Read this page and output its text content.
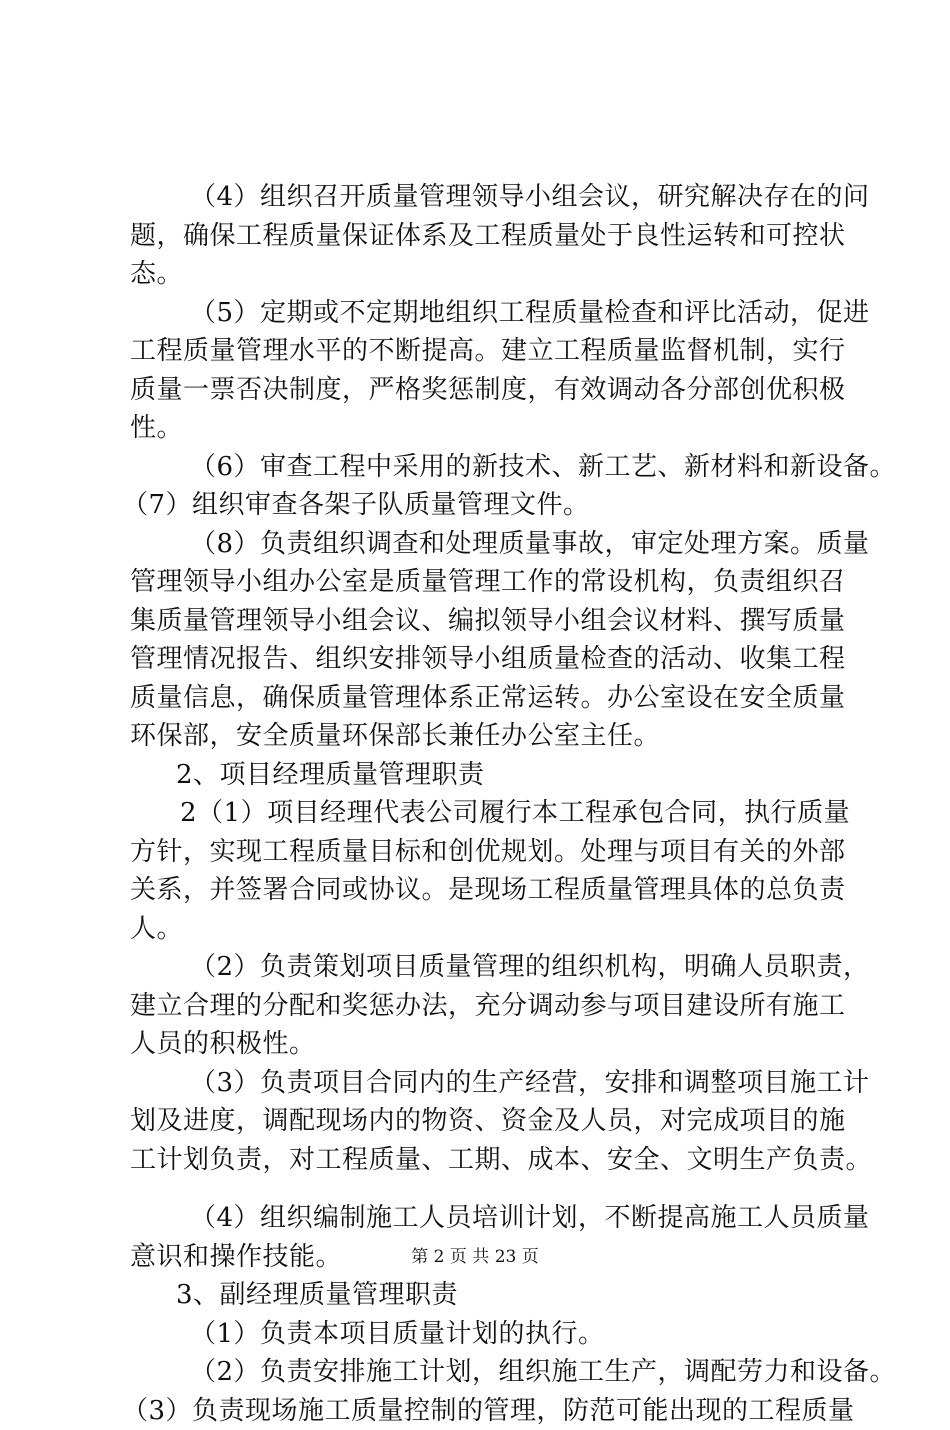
（4）组织召开质量管理领导小组会议，研究解决存在的问
题，确保工程质量保证体系及工程质量处于良性运转和可控状
态。
（5）定期或不定期地组织工程质量检查和评比活动，促进
工程质量管理水平的不断提高。建立工程质量监督机制，实行
质量一票否决制度，严格奖惩制度，有效调动各分部创优积极
性。
（6）审查工程中采用的新技术、新工艺、新材料和新设备。
（7）组织审查各架子队质量管理文件。
（8）负责组织调查和处理质量事故，审定处理方案。质量
管理领导小组办公室是质量管理工作的常设机构，负责组织召
集质量管理领导小组会议、编拟领导小组会议材料、撰写质量
管理情况报告、组织安排领导小组质量检查的活动、收集工程
质量信息，确保质量管理体系正常运转。办公室设在安全质量
环保部，安全质量环保部长兼任办公室主任。
2、项目经理质量管理职责
2（1）项目经理代表公司履行本工程承包合同，执行质量
方针，实现工程质量目标和创优规划。处理与项目有关的外部
关系，并签署合同或协议。是现场工程质量管理具体的总负责
人。
（2）负责策划项目质量管理的组织机构，明确人员职责，
建立合理的分配和奖惩办法，充分调动参与项目建设所有施工
人员的积极性。
（3）负责项目合同内的生产经营，安排和调整项目施工计
划及进度，调配现场内的物资、资金及人员，对完成项目的施
工计划负责，对工程质量、工期、成本、安全、文明生产负责。
（4）组织编制施工人员培训计划，不断提高施工人员质量
意识和操作技能。
3、副经理质量管理职责
（1）负责本项目质量计划的执行。
（2）负责安排施工计划，组织施工生产，调配劳力和设备。
（3）负责现场施工质量控制的管理，防范可能出现的工程质量
第 2 页 共 23 页
